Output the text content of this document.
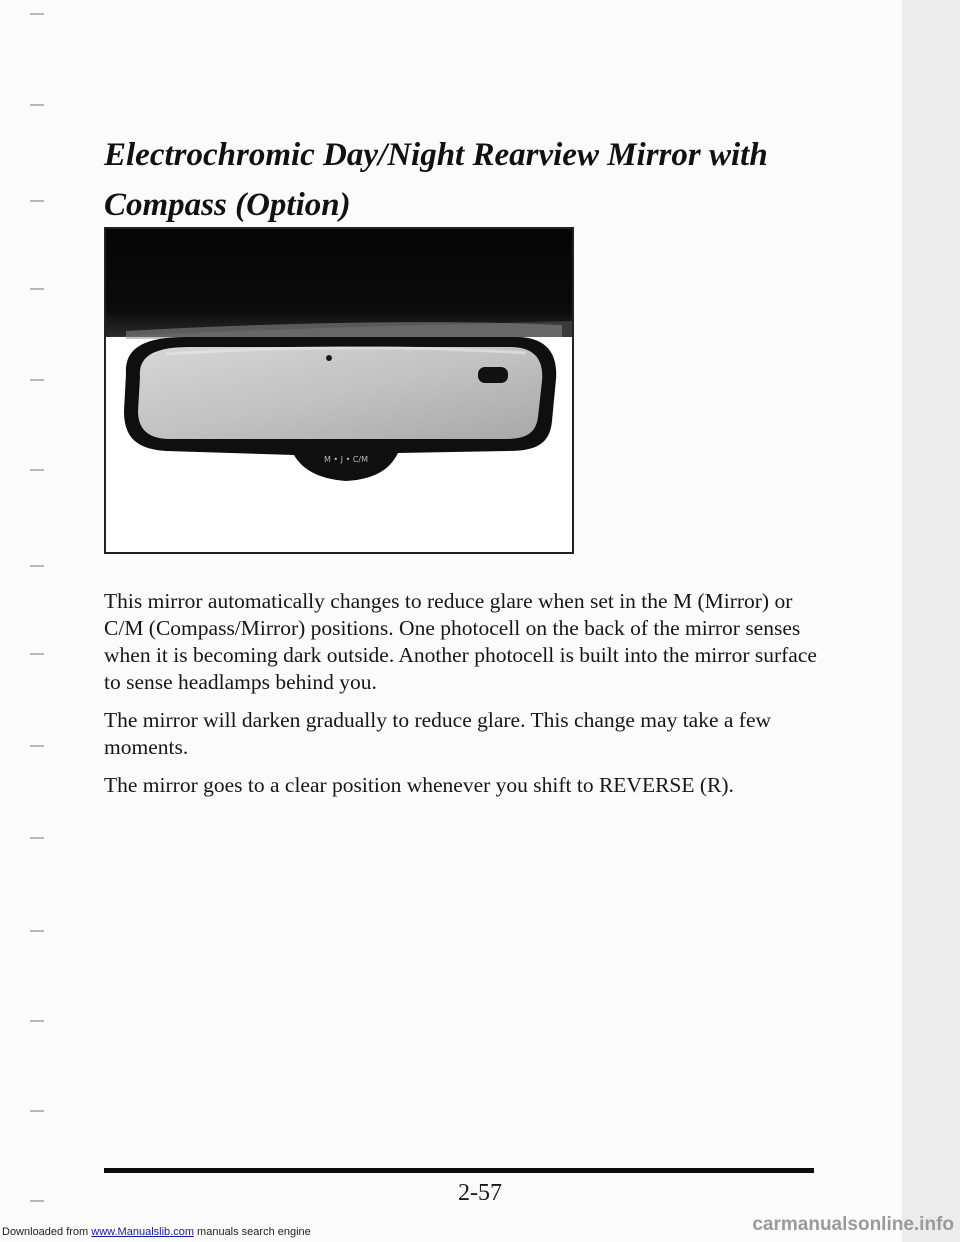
Electrochromic Day/Night Rearview Mirror with
Compass (Option)
M • J • C/M

This mirror automatically changes to reduce glare when set in the M (Mirror) or C/M (Compass/Mirror) positions. One photocell on the back of the mirror senses when it is becoming dark outside. Another photocell is built into the mirror surface to sense headlamps behind you.

The mirror will darken gradually to reduce glare. This change may take a few moments.

The mirror goes to a clear position whenever you shift to REVERSE (R).

2-57
Downloaded from www.Manualslib.com manuals search engine	carmanualsonline.info
